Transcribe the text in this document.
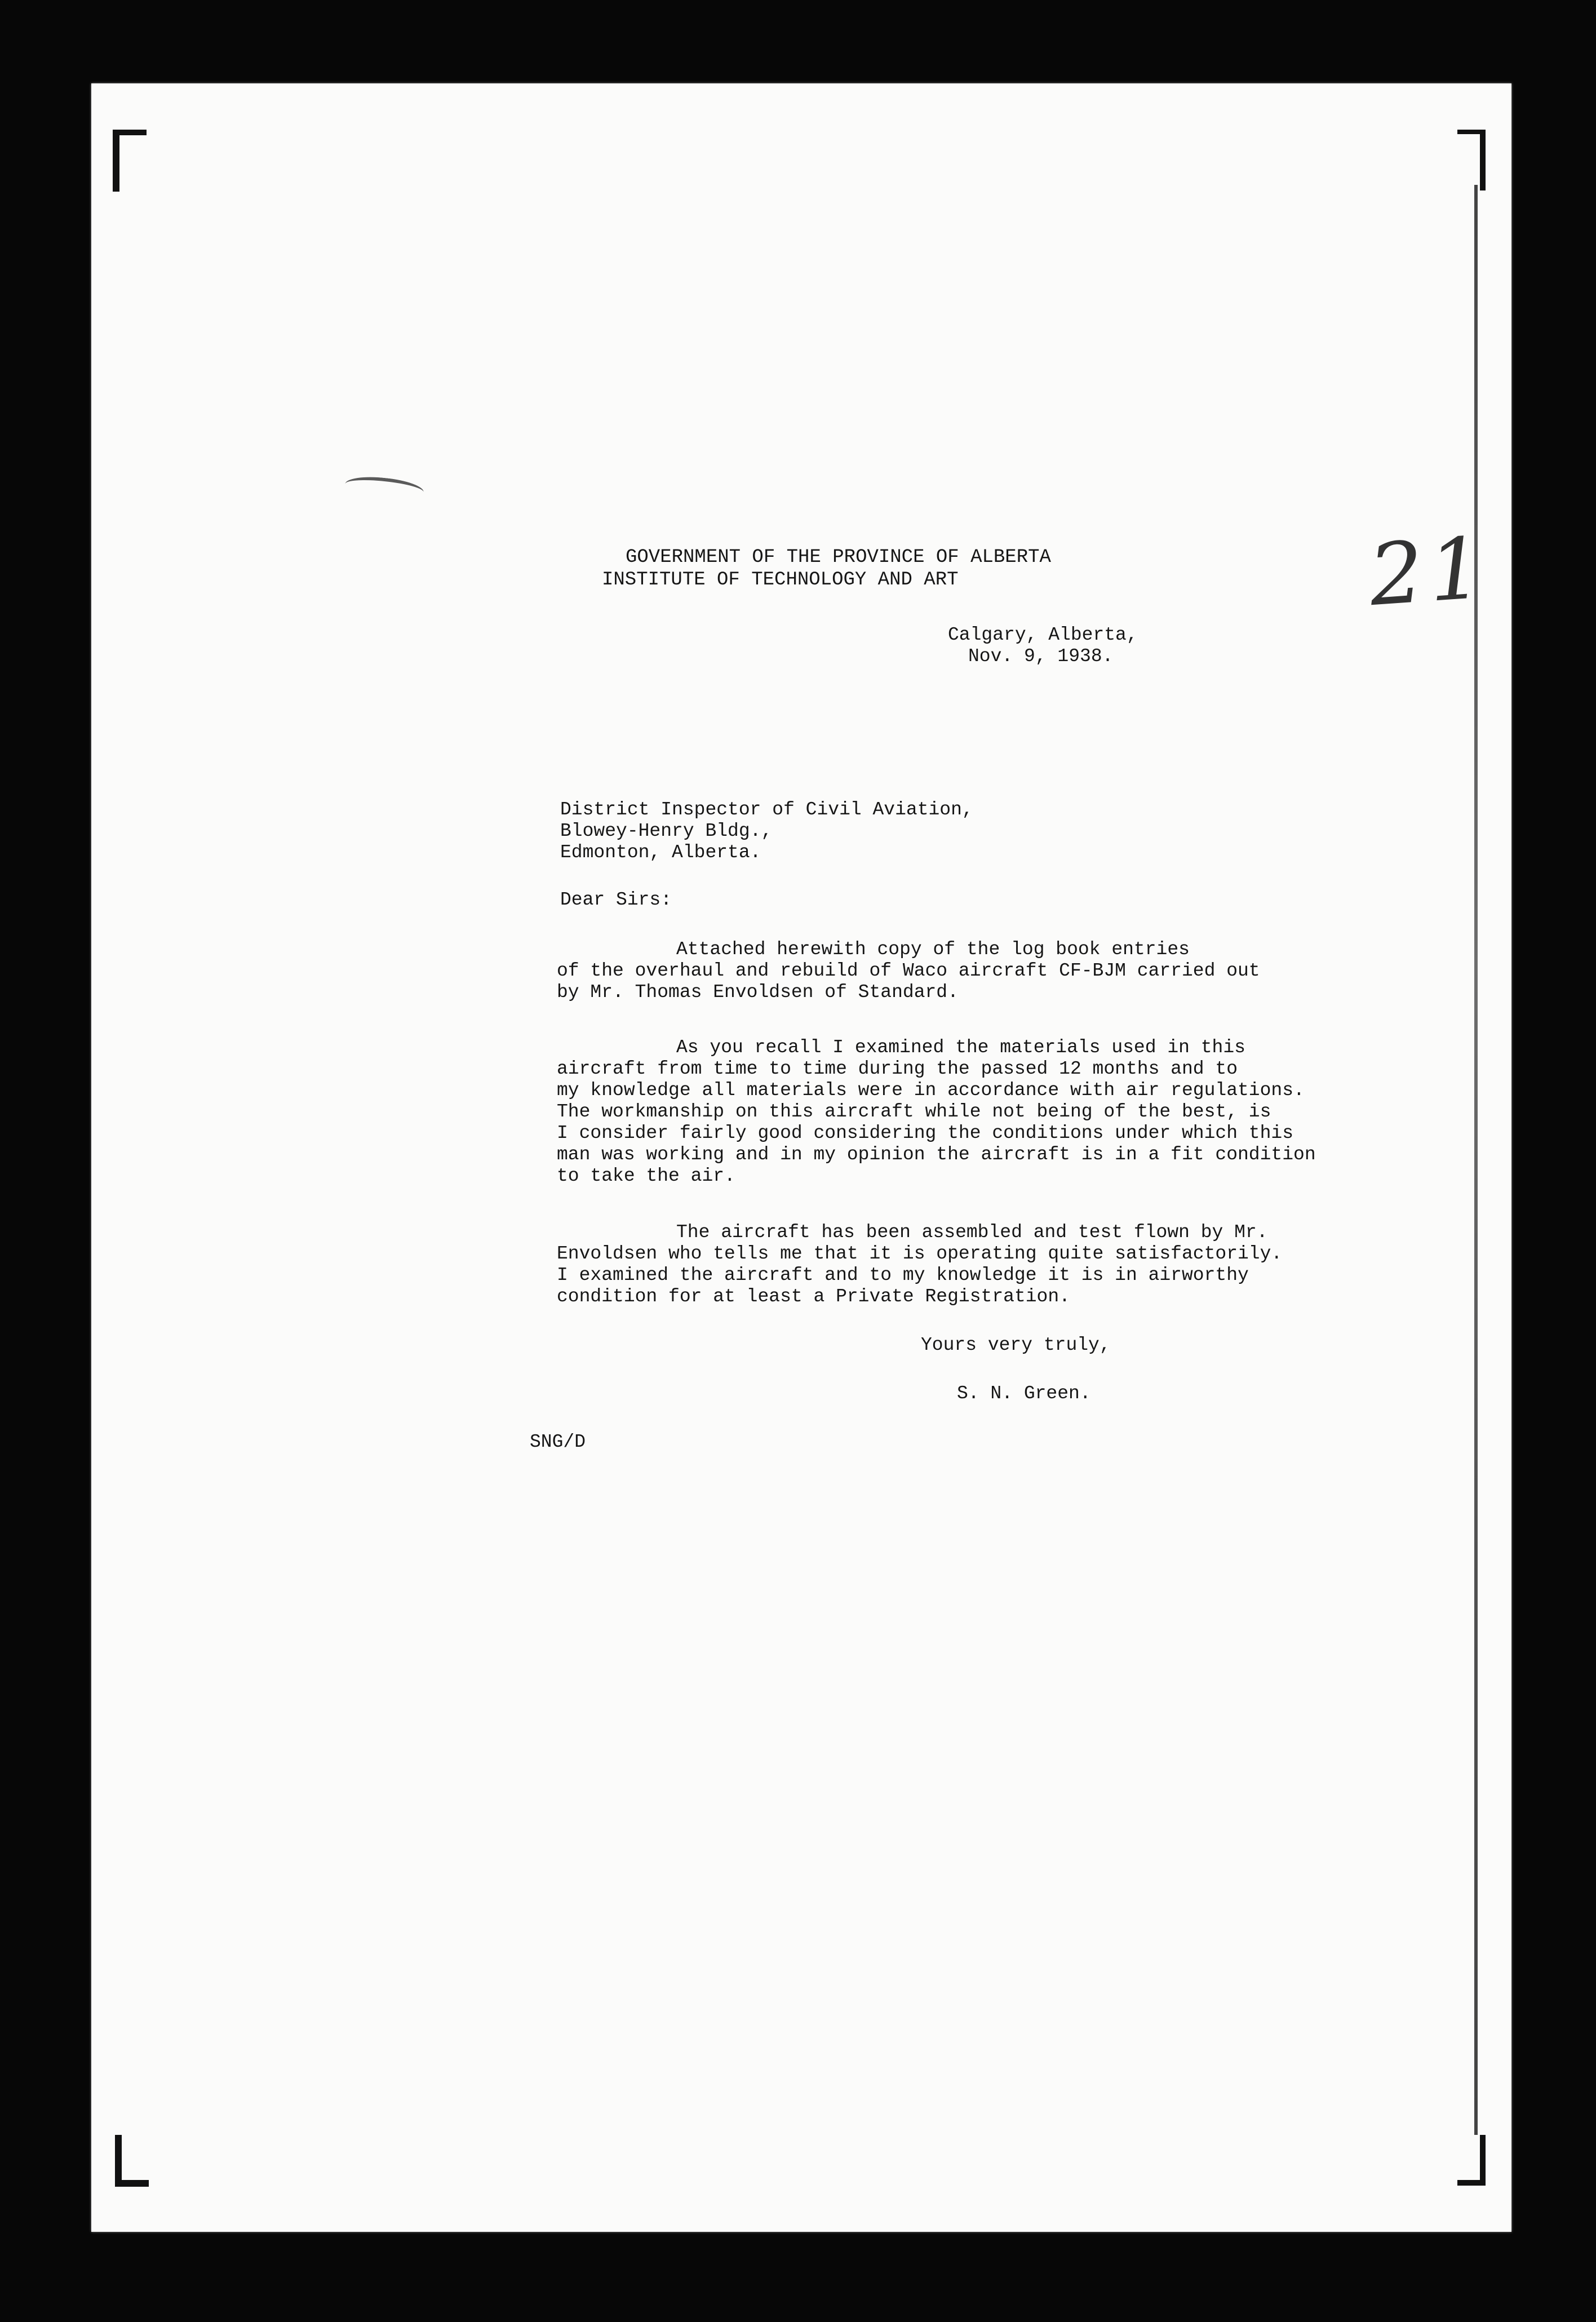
21
GOVERNMENT OF THE PROVINCE OF ALBERTA
INSTITUTE OF TECHNOLOGY AND ART
Calgary, Alberta,
Nov. 9, 1938.
District Inspector of Civil Aviation,
Blowey-Henry Bldg.,
Edmonton, Alberta.
Dear Sirs:
Attached herewith copy of the log book entries
of the overhaul and rebuild of Waco aircraft CF-BJM carried out
by Mr. Thomas Envoldsen of Standard.
As you recall I examined the materials used in this
aircraft from time to time during the passed 12 months and to
my knowledge all materials were in accordance with air regulations.
The workmanship on this aircraft while not being of the best, is
I consider fairly good considering the conditions under which this
man was working and in my opinion the aircraft is in a fit condition
to take the air.
The aircraft has been assembled and test flown by Mr.
Envoldsen who tells me that it is operating quite satisfactorily.
I examined the aircraft and to my knowledge it is in airworthy
condition for at least a Private Registration.
Yours very truly,
S. N. Green.
SNG/D
